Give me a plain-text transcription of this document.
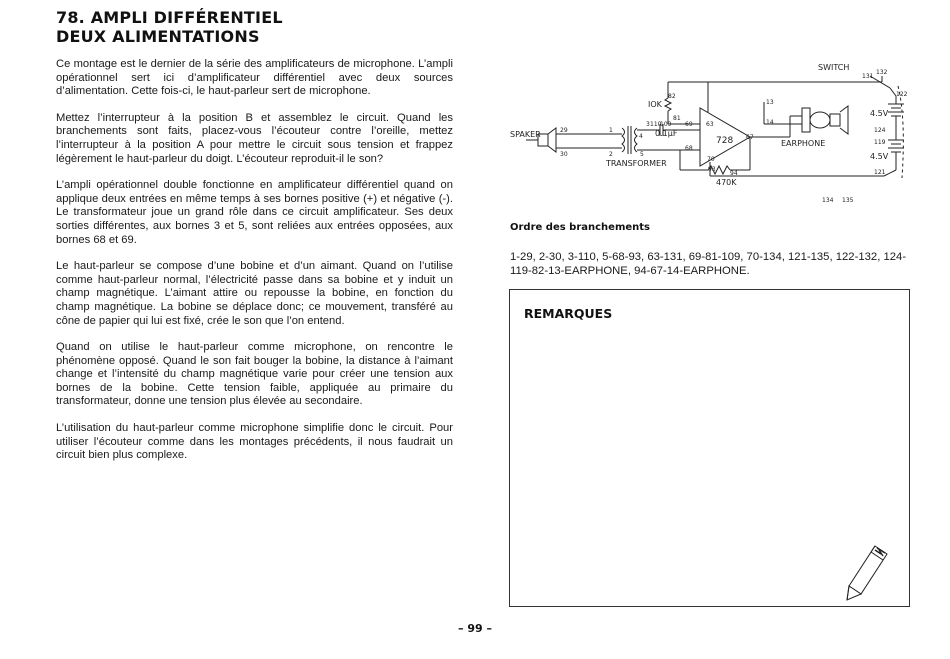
78. AMPLI DIFFÉRENTIEL
DEUX ALIMENTATIONS

Ce montage est le dernier de la série des amplificateurs de microphone. L’ampli opérationnel sert ici d’amplificateur différentiel avec deux sources d’alimentation. Cette fois-ci, le haut-parleur sert de microphone.

Mettez l’interrupteur à la position B et assemblez le circuit. Quand les branchements sont faits, placez-vous l’écouteur contre l’oreille, mettez l’interrupteur à la position A pour mettre le circuit sous tension et frappez légèrement le haut-parleur du doigt. L’écouteur reproduit-il le son?

L’ampli opérationnel double fonctionne en amplificateur différentiel quand on applique deux entrées en même temps à ses bornes positive (+) et négative (-). Le transformateur joue un grand rôle dans ce circuit amplificateur. Ses deux sorties différentes, aux bornes 3 et 5, sont reliées aux entrées opposées, aux bornes 68 et 69.

Le haut-parleur se compose d’une bobine et d’un aimant. Quand on l’utilise comme haut-parleur normal, l’électricité passe dans sa bobine et y induit un champ magnétique. L’aimant attire ou repousse la bobine, en fonction du champ magnétique. La bobine se déplace donc; ce mouvement, transféré au cône de papier qui lui est fixé, crée le son que l’on entend.

Quand on utilise le haut-parleur comme microphone, on rencontre le phénomène opposé. Quand le son fait bouger la bobine, la distance à l’aimant change et l’intensité du champ magnétique varie pour créer une tension aux bornes de la bobine. Cette tension faible, appliquée au primaire du transformateur, donne une tension plus élevée au secondaire.

L’utilisation du haut-parleur comme microphone simplifie donc le circuit. Pour utiliser l’écouteur comme dans les montages précédents, il nous faudrait un circuit bien plus complexe.

SWITCH
SPAKER
TRANSFORMER
EARPHONE
728
IOK
470K
0.1μF
4.5V
4.5V
29
30
1
2
3
4
5
82
81
110
109 69
68
63
67
70
13
14
93
94
131
132
122
124
119
121
134 135
Ordre des branchements

1-29, 2-30, 3-110, 5-68-93, 63-131, 69-81-109, 70-134, 121-135, 122-132, 124-119-82-13-EARPHONE, 94-67-14-EARPHONE.

REMARQUES
– 99 –
